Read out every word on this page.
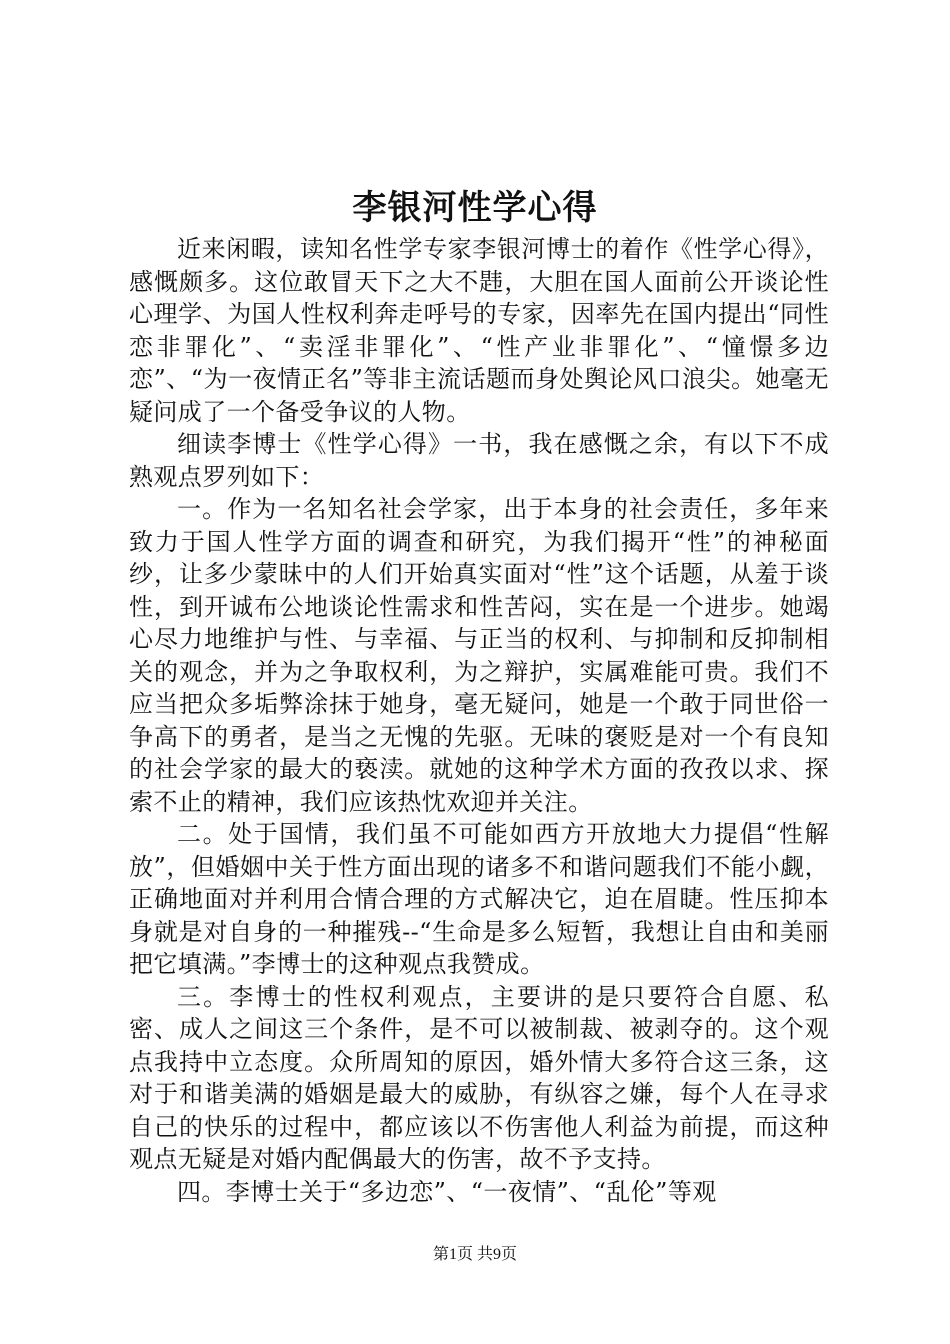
李银河性学心得

近来闲暇，读知名性学专家李银河博士的着作《性学心得》，感慨颇多。这位敢冒天下之大不韪，大胆在国人面前公开谈论性心理学、为国人性权利奔走呼号的专家，因率先在国内提出“同性恋非罪化”、“卖淫非罪化”、“性产业非罪化”、“憧憬多边恋”、“为一夜情正名”等非主流话题而身处舆论风口浪尖。她毫无疑问成了一个备受争议的人物。

细读李博士《性学心得》一书，我在感慨之余，有以下不成熟观点罗列如下：

一。作为一名知名社会学家，出于本身的社会责任，多年来致力于国人性学方面的调查和研究，为我们揭开“性”的神秘面纱，让多少蒙昧中的人们开始真实面对“性”这个话题，从羞于谈性，到开诚布公地谈论性需求和性苦闷，实在是一个进步。她竭心尽力地维护与性、与幸福、与正当的权利、与抑制和反抑制相关的观念，并为之争取权利，为之辩护，实属难能可贵。我们不应当把众多垢弊涂抹于她身，毫无疑问，她是一个敢于同世俗一争高下的勇者，是当之无愧的先驱。无味的褒贬是对一个有良知的社会学家的最大的亵渎。就她的这种学术方面的孜孜以求、探索不止的精神，我们应该热忱欢迎并关注。

二。处于国情，我们虽不可能如西方开放地大力提倡“性解放”，但婚姻中关于性方面出现的诸多不和谐问题我们不能小觑，正确地面对并利用合情合理的方式解决它，迫在眉睫。性压抑本身就是对自身的一种摧残--“生命是多么短暂，我想让自由和美丽把它填满。”李博士的这种观点我赞成。

三。李博士的性权利观点，主要讲的是只要符合自愿、私密、成人之间这三个条件，是不可以被制裁、被剥夺的。这个观点我持中立态度。众所周知的原因，婚外情大多符合这三条，这对于和谐美满的婚姻是最大的威胁，有纵容之嫌，每个人在寻求自己的快乐的过程中，都应该以不伤害他人利益为前提，而这种观点无疑是对婚内配偶最大的伤害，故不予支持。

四。李博士关于“多边恋”、“一夜情”、“乱伦”等观

第1页 共9页
